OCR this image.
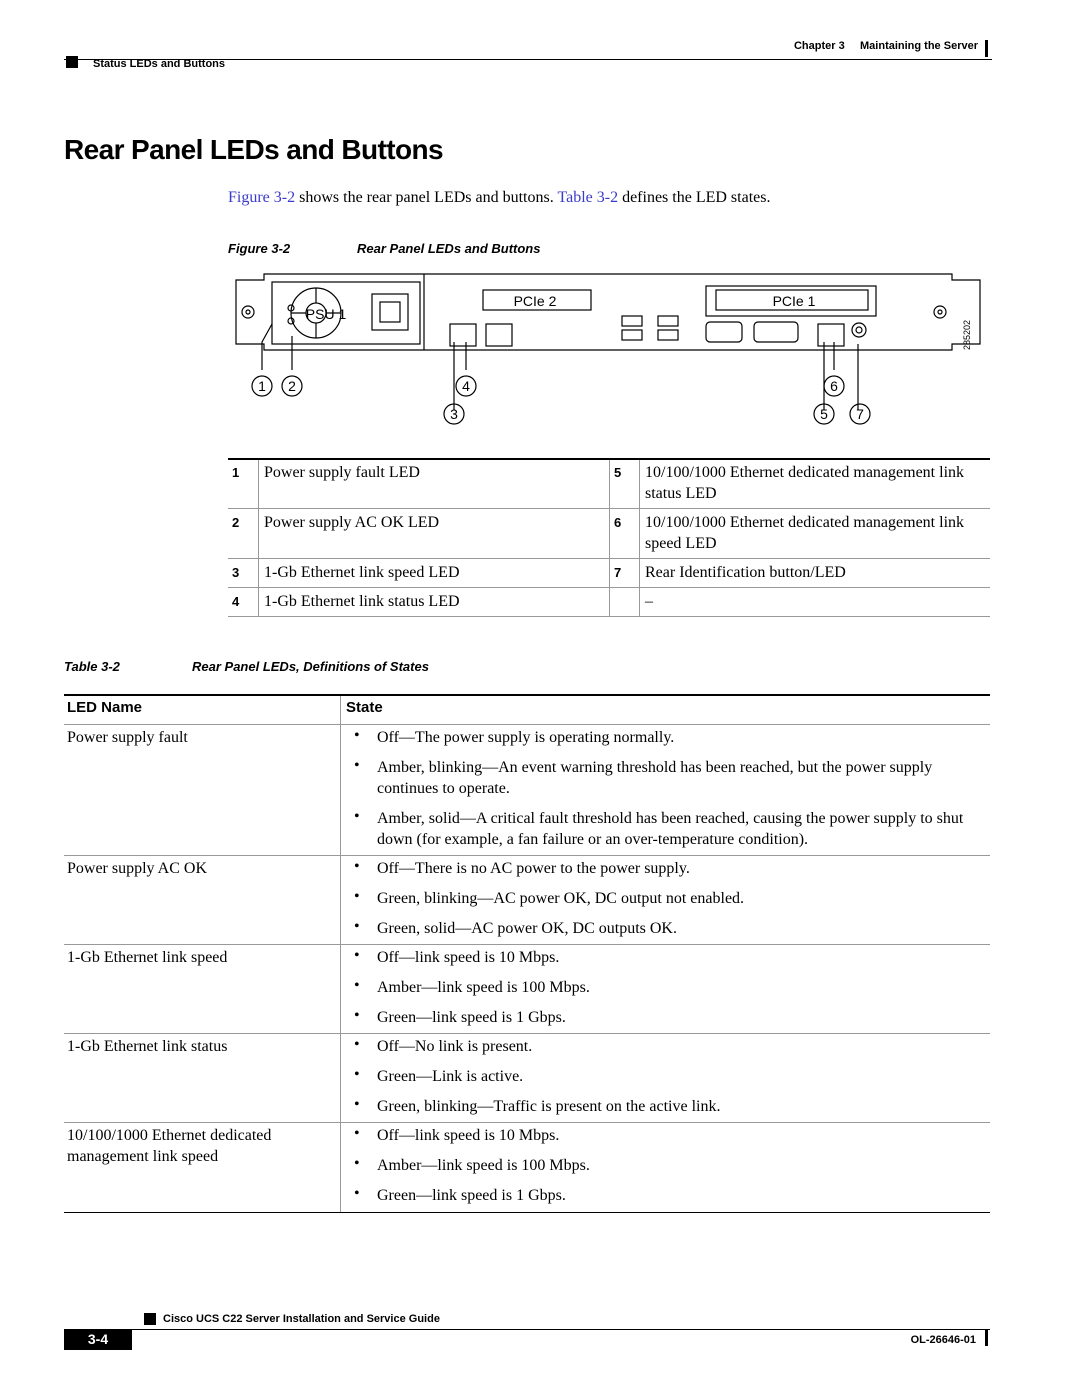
Chapter 3 Maintaining the Server
Status LEDs and Buttons
Rear Panel LEDs and Buttons
Figure 3-2 shows the rear panel LEDs and buttons. Table 3-2 defines the LED states.
Figure 3-2	Rear Panel LEDs and Buttons
PSU 1
PCIe 2	PCIe 1
1 2
3
4
5
6
7
285202
1 Power supply fault LED	5 10/100/1000 Ethernet dedicated management link status LED
2 Power supply AC OK LED	6 10/100/1000 Ethernet dedicated management link speed LED
3 1-Gb Ethernet link speed LED	7 Rear Identification button/LED
4 1-Gb Ethernet link status LED	–
Table 3-2	Rear Panel LEDs, Definitions of States
LED Name	State
Power supply fault	• Off—The power supply is operating normally.
• Amber, blinking—An event warning threshold has been reached, but the power supply continues to operate.
• Amber, solid—A critical fault threshold has been reached, causing the power supply to shut down (for example, a fan failure or an over-temperature condition).
Power supply AC OK	• Off—There is no AC power to the power supply.
• Green, blinking—AC power OK, DC output not enabled.
• Green, solid—AC power OK, DC outputs OK.
1-Gb Ethernet link speed	• Off—link speed is 10 Mbps.
• Amber—link speed is 100 Mbps.
• Green—link speed is 1 Gbps.
1-Gb Ethernet link status	• Off—No link is present.
• Green—Link is active.
• Green, blinking—Traffic is present on the active link.
10/100/1000 Ethernet dedicated management link speed
• Off—link speed is 10 Mbps.
• Amber—link speed is 100 Mbps.
• Green—link speed is 1 Gbps.
Cisco UCS C22 Server Installation and Service Guide
3-4	OL-26646-01
